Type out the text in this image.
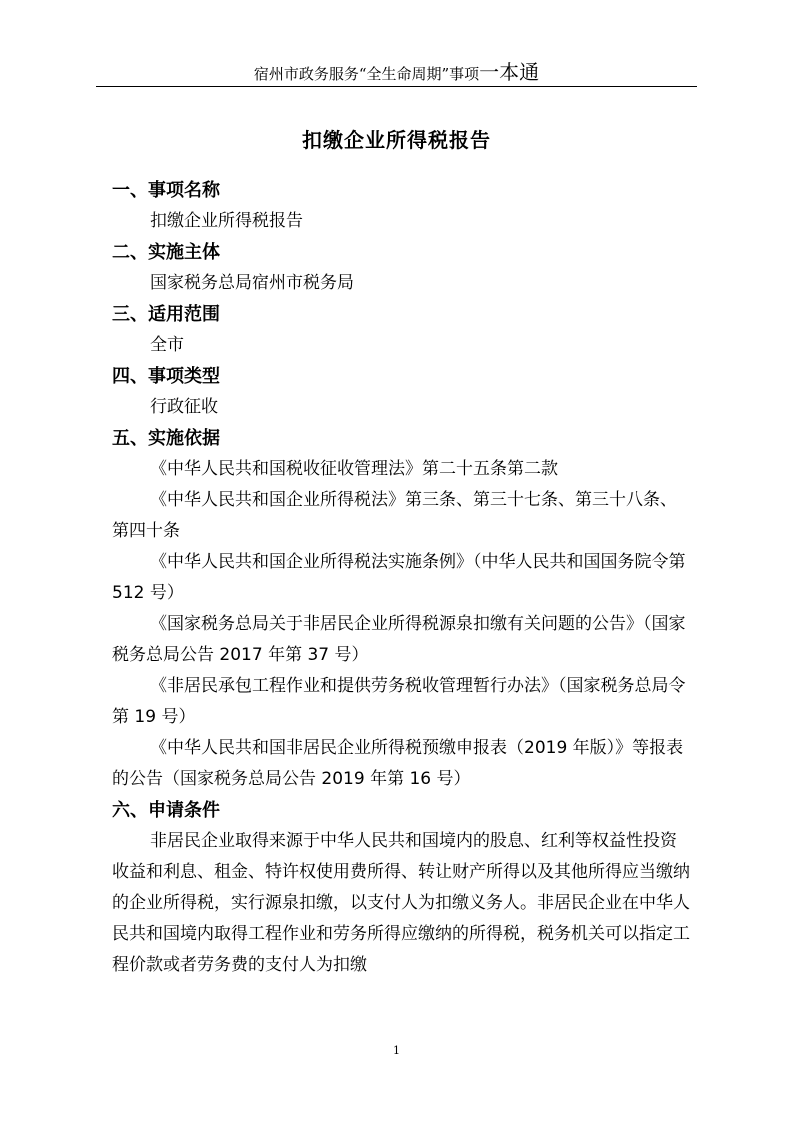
宿州市政务服务“全生命周期”事项一本通
扣缴企业所得税报告
一、事项名称
扣缴企业所得税报告
二、实施主体
国家税务总局宿州市税务局
三、适用范围
全市
四、事项类型
行政征收
五、实施依据
《中华人民共和国税收征收管理法》第二十五条第二款
《中华人民共和国企业所得税法》第三条、第三十七条、第三十八条、第四十条
《中华人民共和国企业所得税法实施条例》（中华人民共和国国务院令第 512 号）
《国家税务总局关于非居民企业所得税源泉扣缴有关问题的公告》（国家税务总局公告 2017 年第 37 号）
《非居民承包工程作业和提供劳务税收管理暂行办法》（国家税务总局令第 19 号）
《中华人民共和国非居民企业所得税预缴申报表（2019 年版）》等报表的公告（国家税务总局公告 2019 年第 16 号）
六、申请条件
非居民企业取得来源于中华人民共和国境内的股息、红利等权益性投资收益和利息、租金、特许权使用费所得、转让财产所得以及其他所得应当缴纳的企业所得税，实行源泉扣缴，以支付人为扣缴义务人。非居民企业在中华人民共和国境内取得工程作业和劳务所得应缴纳的所得税，税务机关可以指定工程价款或者劳务费的支付人为扣缴
1
